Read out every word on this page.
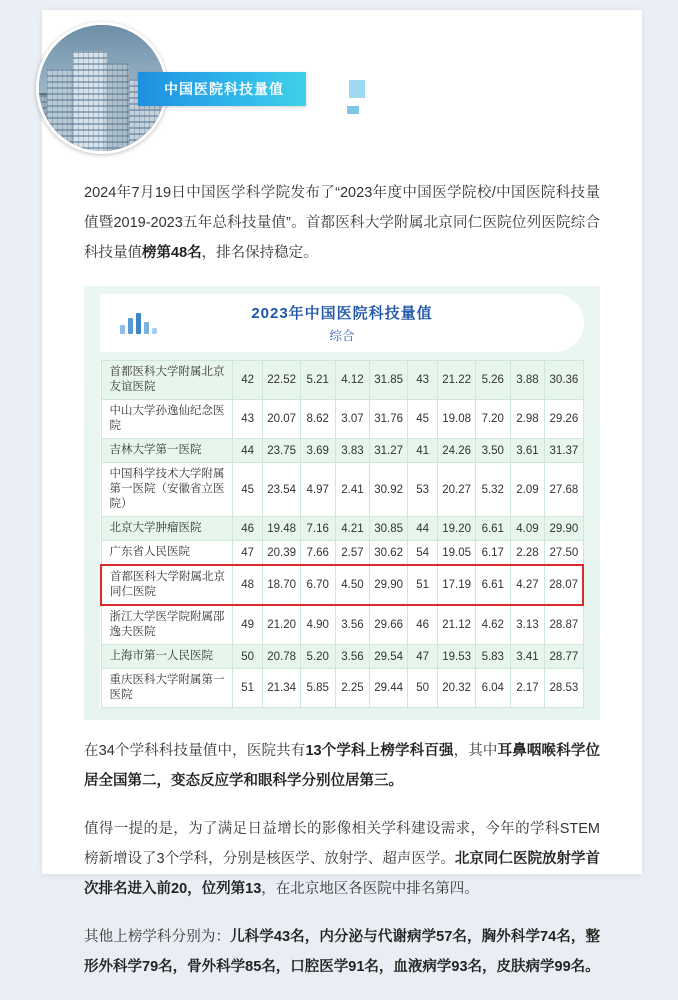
中国医院科技量值

2024年7月19日中国医学科学院发布了“2023年度中国医学院校/中国医院科技量值暨2019-2023五年总科技量值”。首都医科大学附属北京同仁医院位列医院综合科技量值榜第48名，排名保持稳定。

2023年中国医院科技量值
综合
首都医科大学附属北京友谊医院	42	22.52	5.21	4.12	31.85	43	21.22	5.26	3.88	30.36
中山大学孙逸仙纪念医院	43	20.07	8.62	3.07	31.76	45	19.08	7.20	2.98	29.26
吉林大学第一医院	44	23.75	3.69	3.83	31.27	41	24.26	3.50	3.61	31.37
中国科学技术大学附属第一医院（安徽省立医院）	45	23.54	4.97	2.41	30.92	53	20.27	5.32	2.09	27.68
北京大学肿瘤医院	46	19.48	7.16	4.21	30.85	44	19.20	6.61	4.09	29.90
广东省人民医院	47	20.39	7.66	2.57	30.62	54	19.05	6.17	2.28	27.50
首都医科大学附属北京同仁医院	48	18.70	6.70	4.50	29.90	51	17.19	6.61	4.27	28.07
浙江大学医学院附属邵逸夫医院	49	21.20	4.90	3.56	29.66	46	21.12	4.62	3.13	28.87
上海市第一人民医院	50	20.78	5.20	3.56	29.54	47	19.53	5.83	3.41	28.77
重庆医科大学附属第一医院	51	21.34	5.85	2.25	29.44	50	20.32	6.04	2.17	28.53

在34个学科科技量值中，医院共有13个学科上榜学科百强，其中耳鼻咽喉科学位居全国第二，变态反应学和眼科学分别位居第三。

值得一提的是，为了满足日益增长的影像相关学科建设需求，今年的学科STEM榜新增设了3个学科，分别是核医学、放射学、超声医学。北京同仁医院放射学首次排名进入前20，位列第13，在北京地区各医院中排名第四。

其他上榜学科分别为：儿科学43名，内分泌与代谢病学57名，胸外科学74名，整形外科学79名，骨外科学85名，口腔医学91名，血液病学93名，皮肤病学99名。
